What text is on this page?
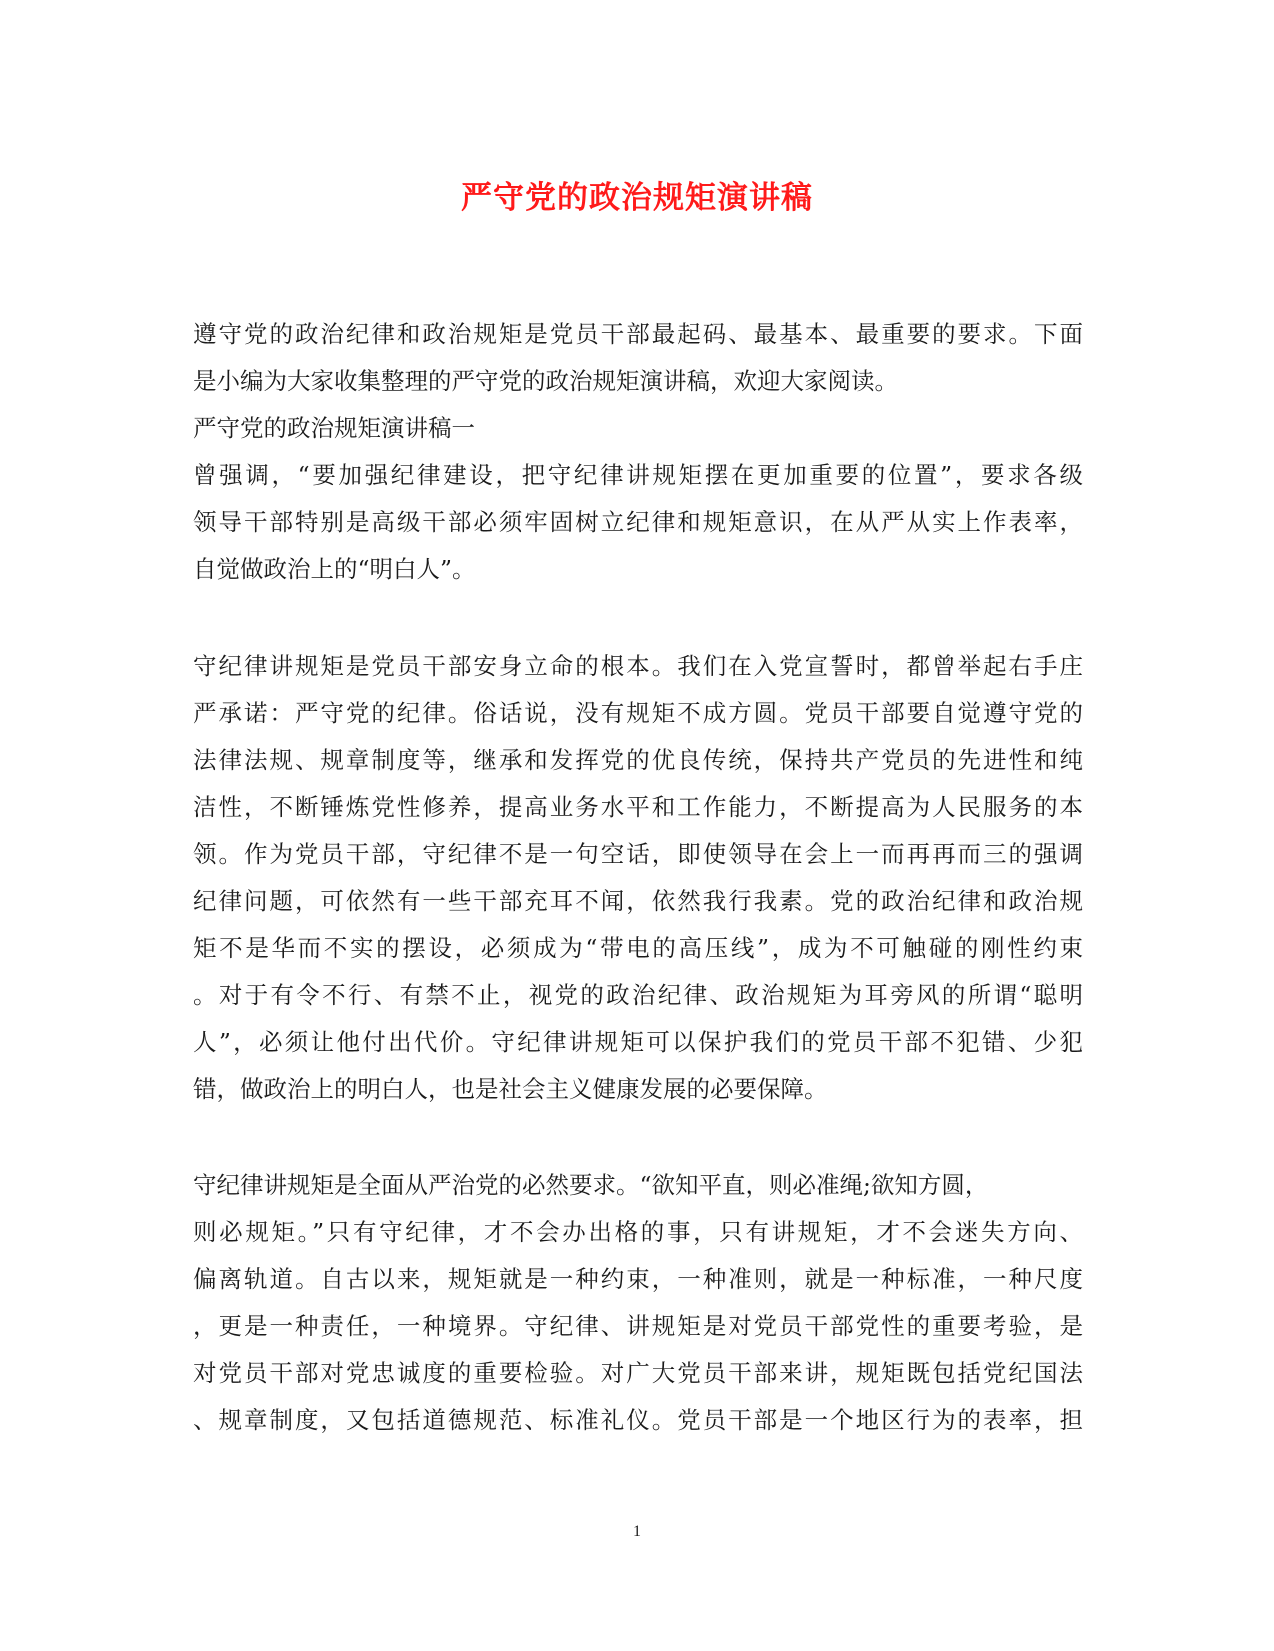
严守党的政治规矩演讲稿

遵守党的政治纪律和政治规矩是党员干部最起码、最基本、最重要的要求。下面

是小编为大家收集整理的严守党的政治规矩演讲稿，欢迎大家阅读。

严守党的政治规矩演讲稿一

曾强调，“要加强纪律建设，把守纪律讲规矩摆在更加重要的位置”，要求各级

领导干部特别是高级干部必须牢固树立纪律和规矩意识，在从严从实上作表率，

自觉做政治上的“明白人”。

守纪律讲规矩是党员干部安身立命的根本。我们在入党宣誓时，都曾举起右手庄

严承诺：严守党的纪律。俗话说，没有规矩不成方圆。党员干部要自觉遵守党的

法律法规、规章制度等，继承和发挥党的优良传统，保持共产党员的先进性和纯

洁性，不断锤炼党性修养，提高业务水平和工作能力，不断提高为人民服务的本

领。作为党员干部，守纪律不是一句空话，即使领导在会上一而再再而三的强调

纪律问题，可依然有一些干部充耳不闻，依然我行我素。党的政治纪律和政治规

矩不是华而不实的摆设，必须成为“带电的高压线”，成为不可触碰的刚性约束

。对于有令不行、有禁不止，视党的政治纪律、政治规矩为耳旁风的所谓“聪明

人”，必须让他付出代价。守纪律讲规矩可以保护我们的党员干部不犯错、少犯

错，做政治上的明白人，也是社会主义健康发展的必要保障。

守纪律讲规矩是全面从严治党的必然要求。“欲知平直，则必准绳;欲知方圆，

则必规矩。”只有守纪律，才不会办出格的事，只有讲规矩，才不会迷失方向、

偏离轨道。自古以来，规矩就是一种约束，一种准则，就是一种标准，一种尺度

，更是一种责任，一种境界。守纪律、讲规矩是对党员干部党性的重要考验，是

对党员干部对党忠诚度的重要检验。对广大党员干部来讲，规矩既包括党纪国法

、规章制度，又包括道德规范、标准礼仪。党员干部是一个地区行为的表率，担

1
